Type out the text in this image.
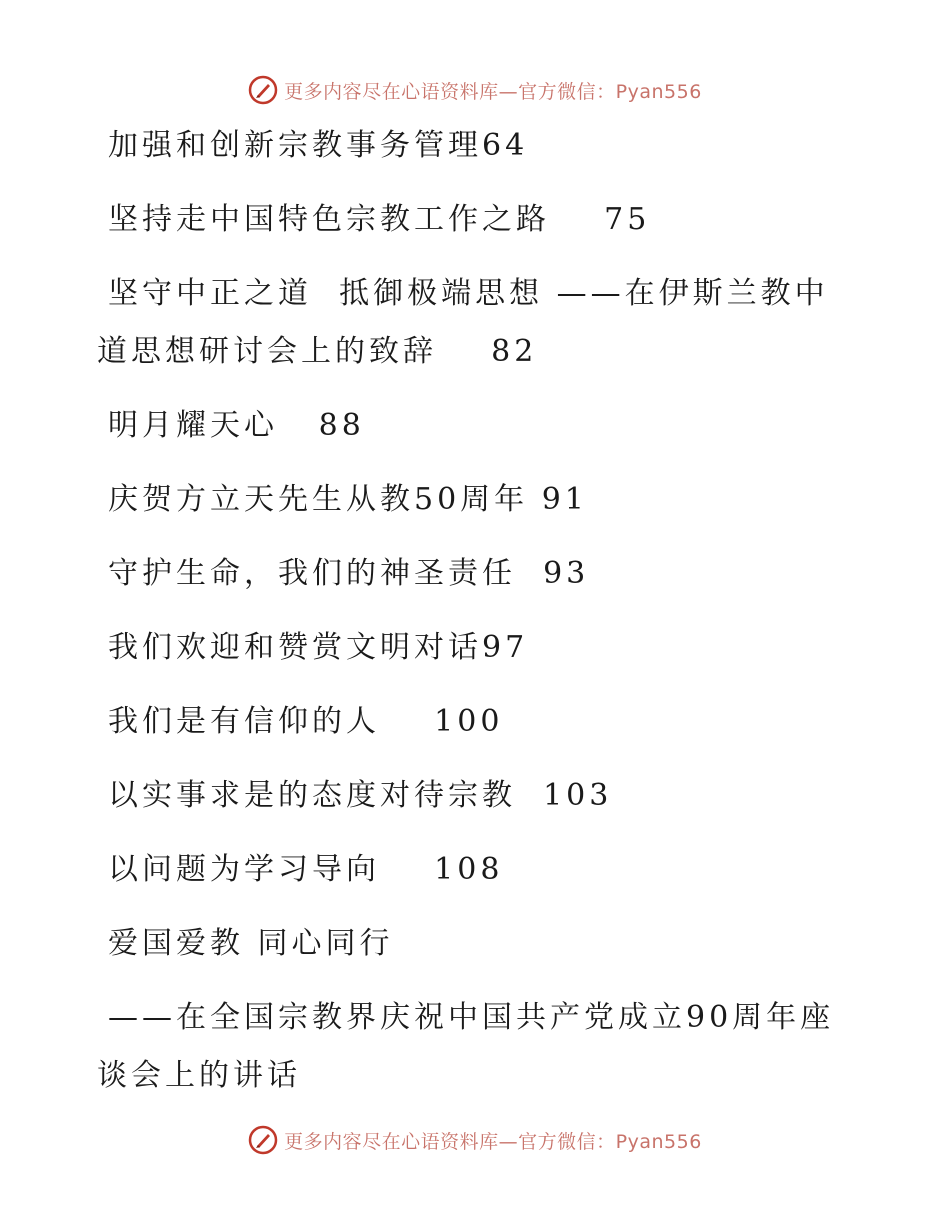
更多内容尽在心语资料库—官方微信：Pyan556
加强和创新宗教事务管理64
坚持走中国特色宗教工作之路    75
坚守中正之道  抵御极端思想 ——在伊斯兰教中
道思想研讨会上的致辞    82
明月耀天心   88
庆贺方立天先生从教50周年 91
守护生命，我们的神圣责任  93
我们欢迎和赞赏文明对话97
我们是有信仰的人    100
以实事求是的态度对待宗教  103
以问题为学习导向    108
爱国爱教 同心同行
——在全国宗教界庆祝中国共产党成立90周年座
谈会上的讲话
更多内容尽在心语资料库—官方微信：Pyan556
